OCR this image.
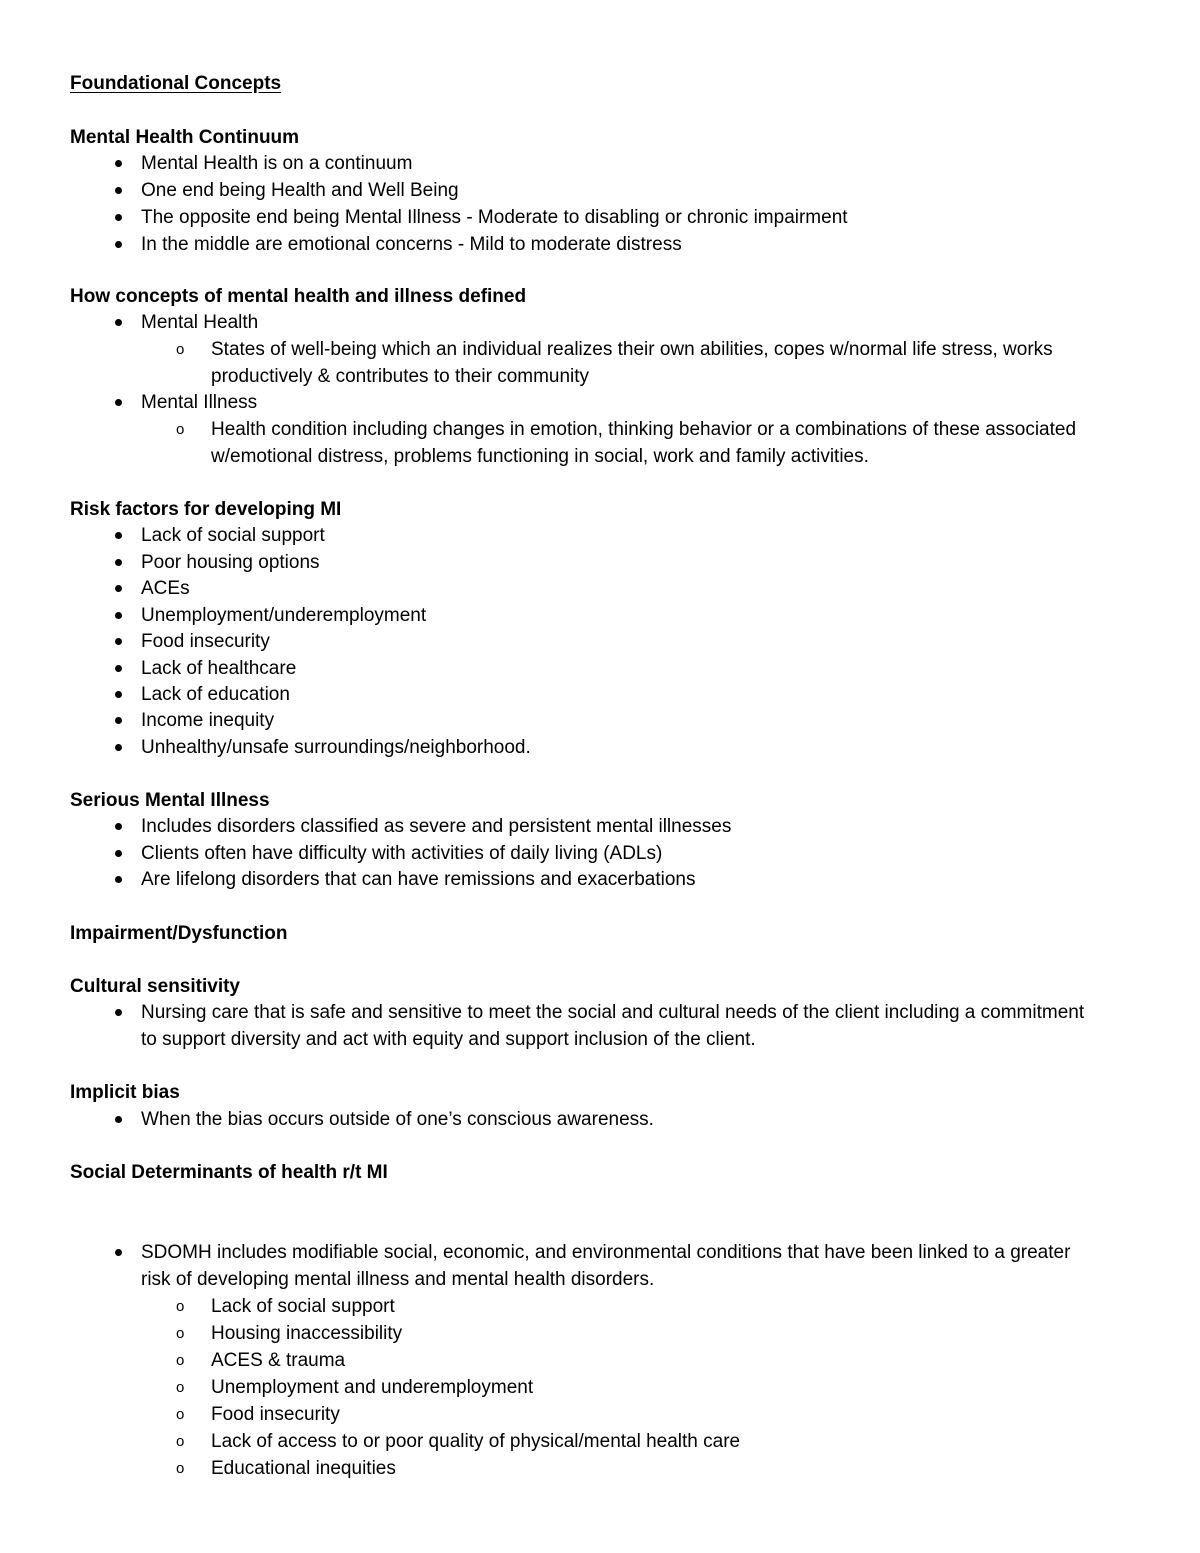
Foundational Concepts
Mental Health Continuum
Mental Health is on a continuum
One end being Health and Well Being
The opposite end being Mental Illness - Moderate to disabling or chronic impairment
In the middle are emotional concerns - Mild to moderate distress
How concepts of mental health and illness defined
Mental Health
o States of well-being which an individual realizes their own abilities, copes w/normal life stress, works
productively & contributes to their community
Mental Illness
o Health condition including changes in emotion, thinking behavior or a combinations of these associated
w/emotional distress, problems functioning in social, work and family activities.
Risk factors for developing MI
Lack of social support
Poor housing options
ACEs
Unemployment/underemployment
Food insecurity
Lack of healthcare
Lack of education
Income inequity
Unhealthy/unsafe surroundings/neighborhood.
Serious Mental Illness
Includes disorders classified as severe and persistent mental illnesses
Clients often have difficulty with activities of daily living (ADLs)
Are lifelong disorders that can have remissions and exacerbations
Impairment/Dysfunction
Cultural sensitivity
Nursing care that is safe and sensitive to meet the social and cultural needs of the client including a commitment
to support diversity and act with equity and support inclusion of the client.
Implicit bias
When the bias occurs outside of one’s conscious awareness.
Social Determinants of health r/t MI
SDOMH includes modifiable social, economic, and environmental conditions that have been linked to a greater
risk of developing mental illness and mental health disorders.
o Lack of social support
o Housing inaccessibility
o ACES & trauma
o Unemployment and underemployment
o Food insecurity
o Lack of access to or poor quality of physical/mental health care
o Educational inequities
